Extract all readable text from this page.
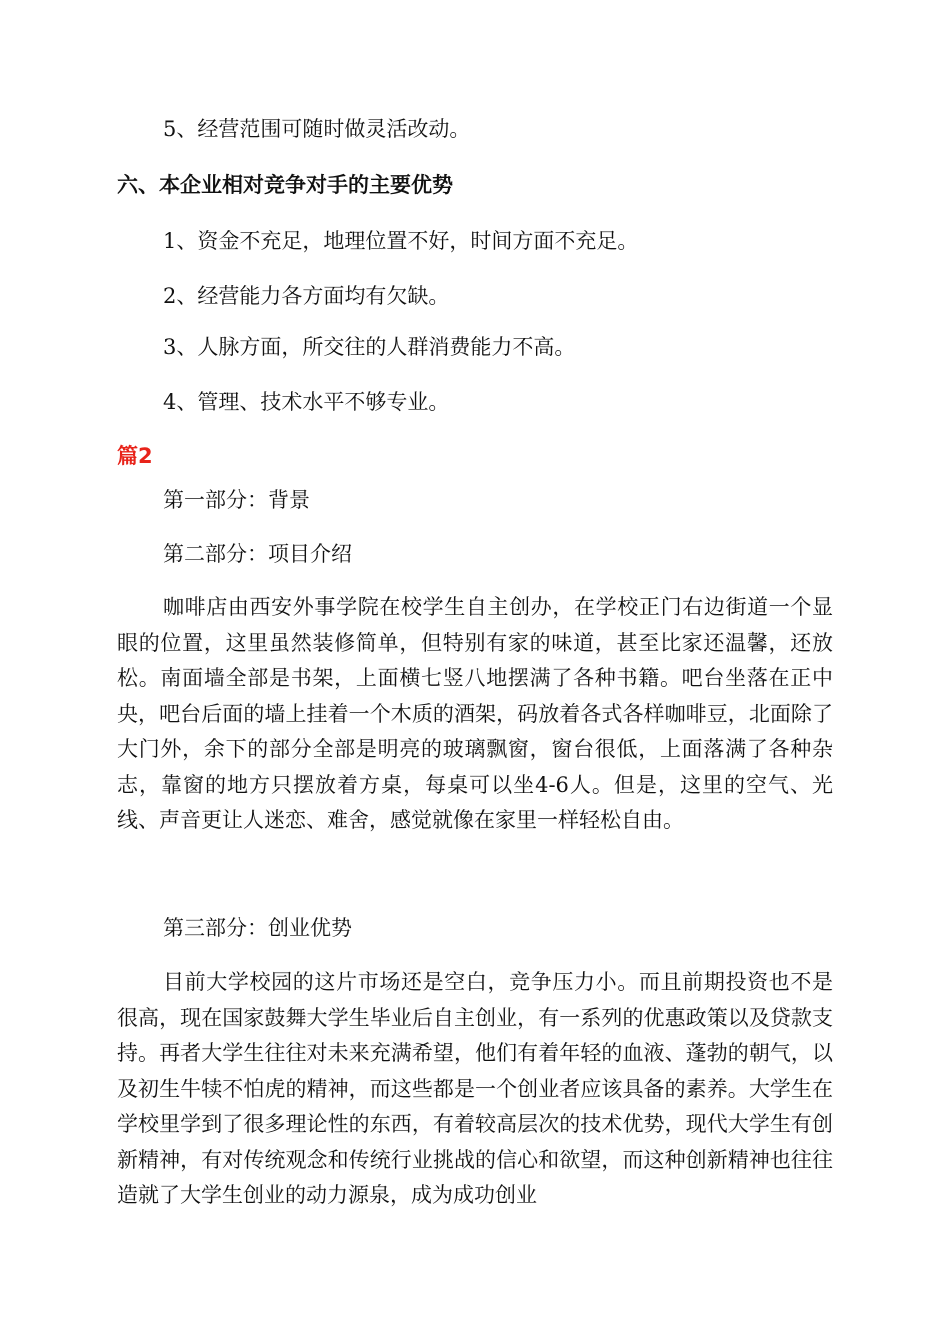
5、经营范围可随时做灵活改动。
六、本企业相对竞争对手的主要优势
1、资金不充足，地理位置不好，时间方面不充足。
2、经营能力各方面均有欠缺。
3、人脉方面，所交往的人群消费能力不高。
4、管理、技术水平不够专业。
篇2
第一部分：背景
第二部分：项目介绍
咖啡店由西安外事学院在校学生自主创办，在学校正门右边街道一个显眼的位置，这里虽然装修简单，但特别有家的味道，甚至比家还温馨，还放松。南面墙全部是书架，上面横七竖八地摆满了各种书籍。吧台坐落在正中央，吧台后面的墙上挂着一个木质的酒架，码放着各式各样咖啡豆，北面除了大门外，余下的部分全部是明亮的玻璃飘窗，窗台很低，上面落满了各种杂志，靠窗的地方只摆放着方桌，每桌可以坐4-6人。但是，这里的空气、光线、声音更让人迷恋、难舍，感觉就像在家里一样轻松自由。
第三部分：创业优势
目前大学校园的这片市场还是空白，竞争压力小。而且前期投资也不是很高，现在国家鼓舞大学生毕业后自主创业，有一系列的优惠政策以及贷款支持。再者大学生往往对未来充满希望，他们有着年轻的血液、蓬勃的朝气，以及初生牛犊不怕虎的精神，而这些都是一个创业者应该具备的素养。大学生在学校里学到了很多理论性的东西，有着较高层次的技术优势，现代大学生有创新精神，有对传统观念和传统行业挑战的信心和欲望，而这种创新精神也往往造就了大学生创业的动力源泉，成为成功创业
